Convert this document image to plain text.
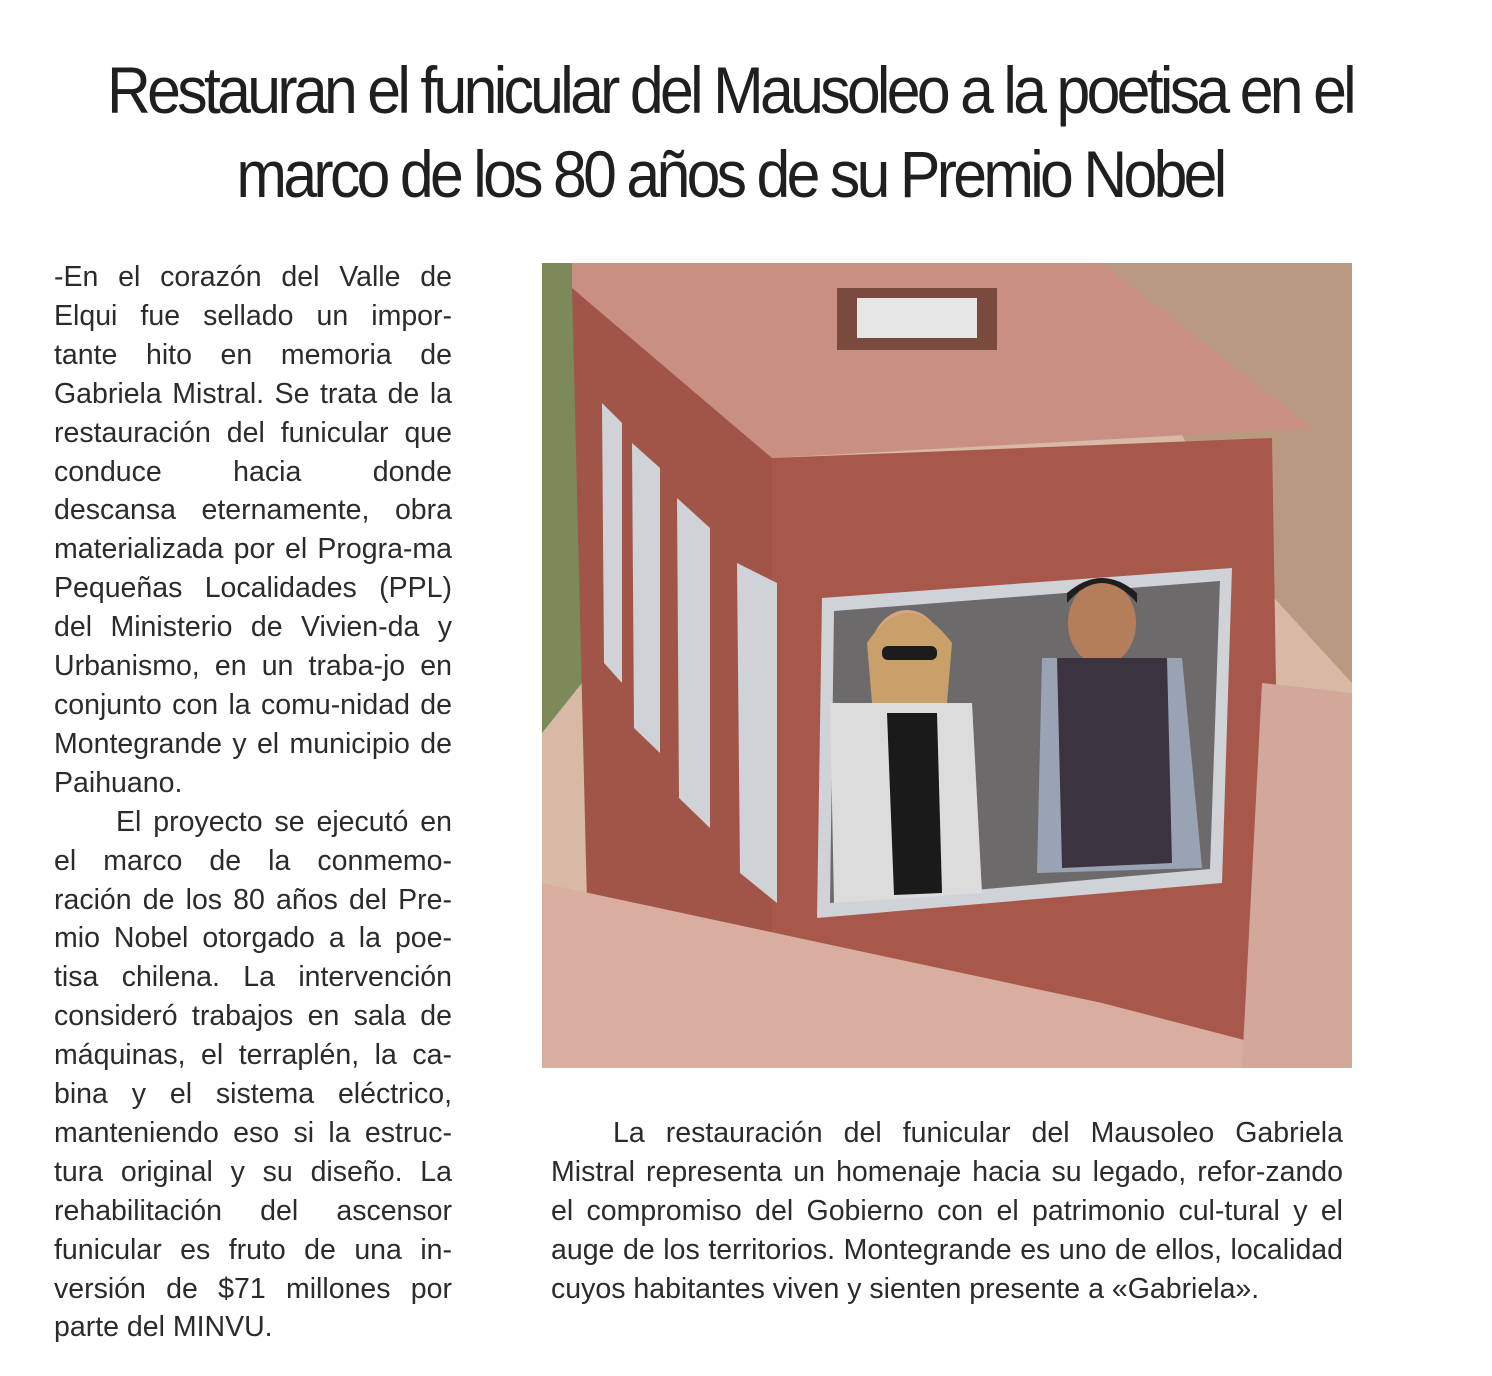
Restauran el funicular del Mausoleo a la poetisa en el
marco de los 80 años de su Premio Nobel

-En el corazón del Valle de Elqui fue sellado un impor-tante hito en memoria de Gabriela Mistral. Se trata de la restauración del funicular que conduce hacia donde descansa eternamente, obra materializada por el Progra-ma Pequeñas Localidades (PPL) del Ministerio de Vivien-da y Urbanismo, en un traba-jo en conjunto con la comu-nidad de Montegrande y el municipio de Paihuano.

El proyecto se ejecutó en el marco de la conmemo-ración de los 80 años del Pre-mio Nobel otorgado a la poe-tisa chilena. La intervención consideró trabajos en sala de máquinas, el terraplén, la ca-bina y el sistema eléctrico, manteniendo eso si la estruc-tura original y su diseño. La rehabilitación del ascensor funicular es fruto de una in-versión de $71 millones por parte del MINVU.

La restauración del funicular del Mausoleo Gabriela Mistral representa un homenaje hacia su legado, refor-zando el compromiso del Gobierno con el patrimonio cul-tural y el auge de los territorios. Montegrande es uno de ellos, localidad cuyos habitantes viven y sienten presente a «Gabriela».
